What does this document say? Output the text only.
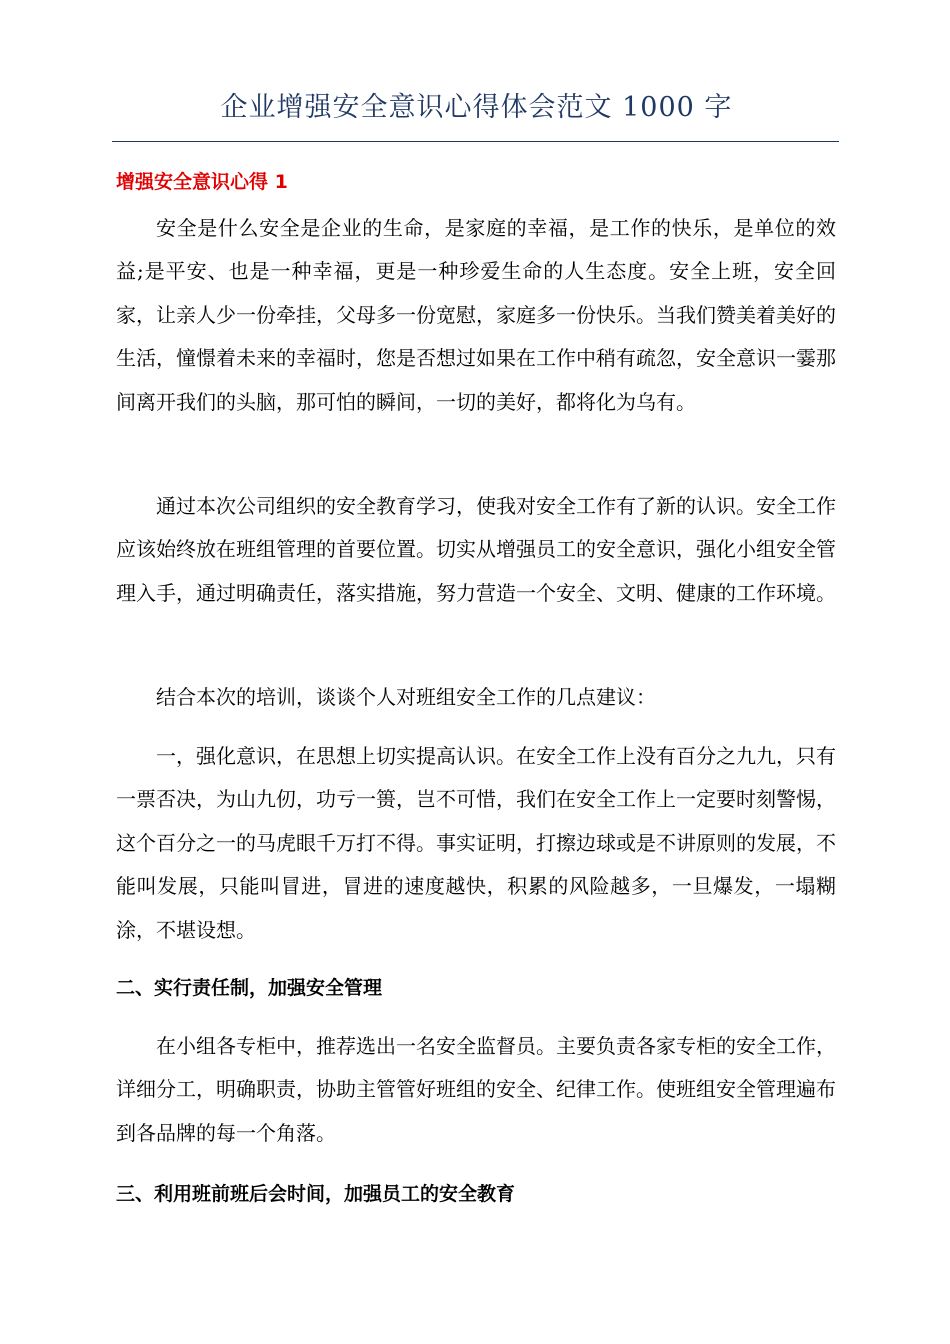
企业增强安全意识心得体会范文 1000 字
增强安全意识心得 1

安全是什么安全是企业的生命，是家庭的幸福，是工作的快乐，是单位的效益;是平安、也是一种幸福，更是一种珍爱生命的人生态度。安全上班，安全回家，让亲人少一份牵挂，父母多一份宽慰，家庭多一份快乐。当我们赞美着美好的生活，憧憬着未来的幸福时，您是否想过如果在工作中稍有疏忽，安全意识一霎那间离开我们的头脑，那可怕的瞬间，一切的美好，都将化为乌有。

通过本次公司组织的安全教育学习，使我对安全工作有了新的认识。安全工作应该始终放在班组管理的首要位置。切实从增强员工的安全意识，强化小组安全管理入手，通过明确责任，落实措施，努力营造一个安全、文明、健康的工作环境。

结合本次的培训，谈谈个人对班组安全工作的几点建议：

一，强化意识，在思想上切实提高认识。在安全工作上没有百分之九九，只有一票否决，为山九仞，功亏一篑，岂不可惜，我们在安全工作上一定要时刻警惕，这个百分之一的马虎眼千万打不得。事实证明，打擦边球或是不讲原则的发展，不能叫发展，只能叫冒进，冒进的速度越快，积累的风险越多，一旦爆发，一塌糊涂，不堪设想。

二、实行责任制，加强安全管理

在小组各专柜中，推荐选出一名安全监督员。主要负责各家专柜的安全工作，详细分工，明确职责，协助主管管好班组的安全、纪律工作。使班组安全管理遍布到各品牌的每一个角落。

三、利用班前班后会时间，加强员工的安全教育
